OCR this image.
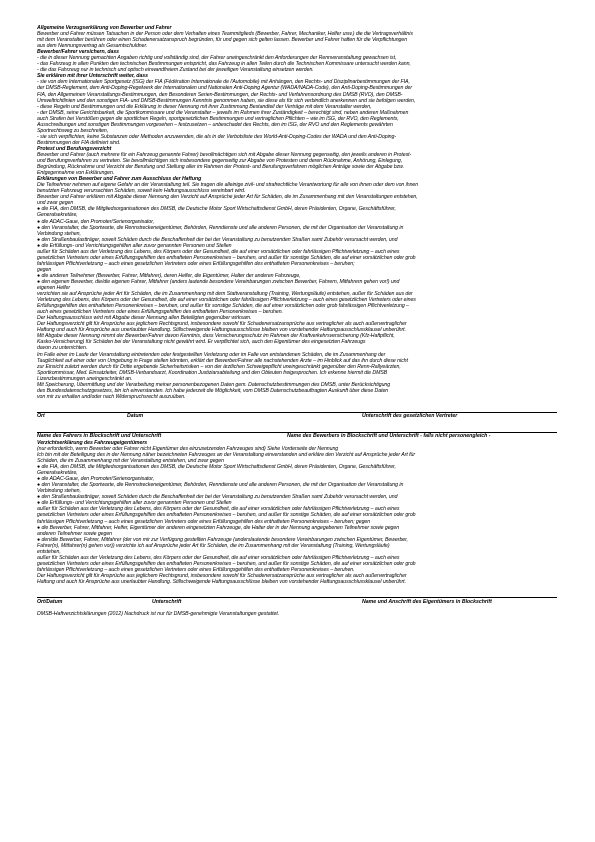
Allgemeine Verzugserklärung von Bewerber und Fahrer
Bewerber und Fahrer müssen Tatsachen in der Person oder dem Verhalten eines Teammitglieds (Bewerber, Fahrer, Mechaniker, Helfer usw.) die die Vertragsverhältnis
mit dem Veranstalter berühren oder einen Schadenersatzanspruch begründen, für und gegen sich gelten lassen. Bewerber und Fahrer haften für die Verpflichtungen
aus dem Nennungsvertrag als Gesamtschuldner.
Bewerber/Fahrer versichern, dass
- die in dieser Nennung gemachten Angaben richtig und vollständig sind, der Fahrer uneingeschränkt den Anforderungen der Rennveranstaltung gewachsen ist,
- das Fahrzeug in allen Punkten den technischen Bestimmungen entspricht, das Fahrzeug in allen Teilen durch die Technischen Kommissare untersucht werden kann,
- die das Fahrzeug nur in technisch und optisch einwandfreiem Zustand bei der jeweiligen Veranstaltung einsetzen werden.
Sie erklären mit ihrer Unterschrift weiter, dass
- sie von dem Internationalen Sportgesetz (ISG) der FIA (Fédération Internationale de l'Automobile) mit Anhängen, den Rechts- und Disziplinarbestimmungen der FIA,
der DMSB-Reglement, dem Anti-Doping-Regelwerk der Internationalen und Nationalen Anti-Doping Agentur (WADA/NADA-Code), den Anti-Doping-Bestimmungen der
FIA, den Allgemeinen Veranstaltungs-Bestimmungen, den Besonderen Serien-Bestimmungen, der Rechts- und Verfahrensordnung des DMSB (RVO), den DMSB-
Umweltrichtlinien und den sonstigen FIA- und DMSB-Bestimmungen Kenntnis genommen haben, sie diese als für sich verbindlich anerkennen und sie befolgen werden,
- diese Regeln und Bestimmungen und die Erklärung in dieser Nennung mit ihrer Zustimmung Bestandteil der Verträge mit dem Veranstalter werden,
- der DMSB, seine Gerichtsbarkeit, die Sportkommissare und die Veranstalter – jeweils im Rahmen ihrer Zuständigkeit – berechtigt sind, neben anderen Maßnahmen
auch Strafen bei Verstößen gegen die sportlichen Regeln, sportgesetzlichen Bestimmungen und vertraglichen Pflichten – wie im ISG, der RVO, den Reglements,
Ausschreibungen und sonstigen Bestimmungen vorgesehen – festzusetzen – unbeschadet des Rechts, den im ISG, der RVO und den Reglements gewährten
Sportrechtsweg zu beschreiten,
- sie sich verpflichten, keine Substanzen oder Methoden anzuwenden, die als in der Verbotsliste des World-Anti-Doping-Codes der WADA und den Anti-Doping-
Bestimmungen der FIA definiert sind.
Protest und Berufungsverzicht
Bewerber und Fahrer (auch mehrere für ein Fahrzeug genannte Fahrer) bevollmächtigen sich mit Abgabe dieser Nennung gegenseitig, den jeweils anderen in Protest-
und Berufungsverfahren zu vertreten. Sie bevollmächtigen sich insbesondere gegenseitig zur Abgabe von Protesten und deren Rücknahme, Anhörung, Einlegung,
Begründung, Rücknahme und Verzicht der Berufung und Stellung aller im Rahmen der Protest- und Berufungsverfahren möglichen Anträge sowie der Abgabe bzw.
Entgegennahme von Erklärungen.
Erklärungen von Bewerber und Fahrer zum Ausschluss der Haftung
Die Teilnehmer nehmen auf eigene Gefahr an der Veranstaltung teil. Sie tragen die alleinige zivil- und strafrechtliche Verantwortung für alle von ihnen oder dem von ihnen
benutzten Fahrzeug verursachten Schäden, soweit kein Haftungsausschluss vereinbart wird.
Bewerber und Fahrer erklären mit Abgabe dieser Nennung den Verzicht auf Ansprüche jeder Art für Schäden, die im Zusammenhang mit den Veranstaltungen entstehen,
und zwar gegen
● die FIA, den DMSB, die Mitgliedsorganisationen des DMSB, die Deutsche Motor Sport Wirtschaftsdienst GmbH, deren Präsidenten, Organe, Geschäftsführer,
Generalsekretäre,
● die ADAC-Gaue, den Promoter/Serienorganisator,
● den Veranstalter, die Sportwarte, die Rennstreckeneigentümer, Behörden, Renndienste und alle anderen Personen, die mit der Organisation der Veranstaltung in
Verbindung stehen,
● den Straßenbaulastträger, soweit Schäden durch die Beschaffenheit der bei der Veranstaltung zu benutzenden Straßen samt Zubehör verursacht werden, und
● die Erfüllungs- und Verrichtungsgehilfen aller zuvor genannten Personen und Stellen
außer für Schäden aus der Verletzung des Lebens, des Körpers oder der Gesundheit, die auf einer vorsätzlichen oder fahrlässigen Pflichtverletzung – auch eines
gesetzlichen Vertreters oder eines Erfüllungsgehilfen des enthafteten Personenkreises – beruhen, und außer für sonstige Schäden, die auf einer vorsätzlichen oder grob
fahrlässigen Pflichtverletzung – auch eines gesetzlichen Vertreters oder eines Erfüllungsgehilfen des enthafteten Personenkreises – beruhen;
gegen
● die anderen Teilnehmer (Bewerber, Fahrer, Mitfahrer), deren Helfer, die Eigentümer, Halter der anderen Fahrzeuge,
● den eigenen Bewerber, die/die eigenen Fahrer, Mitfahrer (anders lautende besondere Vereinbarungen zwischen Bewerber, Fahrern, Mitfahrern gehen vor!) und
eigenen Helfer
verzichten sie auf Ansprüche jeder Art für Schäden, die im Zusammenhang mit dem Stattveranstaltung (Training, Wertungsläufe) entstehen, außer für Schäden aus der
Verletzung des Lebens, des Körpers oder der Gesundheit, die auf einer vorsätzlichen oder fahrlässigen Pflichtverletzung – auch eines gesetzlichen Vertreters oder eines
Erfüllungsgehilfen des enthafteten Personenkreises – beruhen, und außer für sonstige Schäden, die auf einer vorsätzlichen oder grob fahrlässigen Pflichtverletzung –
auch eines gesetzlichen Vertreters oder eines Erfüllungsgehilfen des enthafteten Personenkreises – beruhen.
Der Haftungsausschluss wird mit Abgabe dieser Nennung allen Beteiligten gegenüber wirksam.
Der Haftungsverzicht gilt für Ansprüche aus jeglichem Rechtsgrund, insbesondere sowohl für Schadenersatzansprüche aus vertraglicher als auch außervertraglicher
Haftung und auch für Ansprüche aus unerlaubter Handlung. Stillschweigende Haftungsausschlüsse bleiben von vorstehender Haftungsausschlussklausel unberührt.
Mit Abgabe dieser Nennung nimmt der Bewerber/Fahrer davon Kenntnis, dass Versicherungsschutz im Rahmen der Kraftverkehrsversicherung (Kfz-Haftpflicht,
Kasko-Versicherung) für Schäden bei der Veranstaltung nicht gewährt wird. Er verpflichtet sich, auch den Eigentümer des eingesetzten Fahrzeugs
davon zu unterrichten.
Im Falle einer im Laufe der Veranstaltung eintretenden oder festgestellten Verletzung oder im Falle von entstandenen Schäden, die im Zusammenhang der
Tauglichkeit auf einer oder von Umgebung in Frage stellen könnten, erklärt der Bewerber/Fahrer alle nachstehenden Ärzte – im Hinblick auf das ihn durch diese nicht
zur Einsicht zuletzt werden durch für Dritte ergebende Sicherheitsrisiken – von der ärztlichen Schweigepflicht uneingeschränkt gegenüber den Renn-Rallyeärzten,
Sportkommissar, Med. Einsatzleiter, DMSB-Verbandsarzt, Koordination Justiziarsabteilung und den Obleuten freigesprochen. Ich erkenne hiermit die DMSB
Lizenzbestimmungen uneingeschränkt an.
Mit Speicherung, Übermittlung und der Verarbeitung meiner personenbezogenen Daten gem. Datenschutzbestimmungen des DMSB, unter Berücksichtigung
des Bundesdatenschutzgesetzes, bin ich einverstanden. Ich habe jederzeit die Möglichkeit, vom DMSB Datenschutzbeauftragten Auskunft über diese Daten
von mir zu erhalten und/oder nach Widerspruchsrecht auszuüben.
Ort	Datum	Unterschrift des gesetzlichen Vertreter
Name des Fahrers in Blockschrift und Unterschrift	Name des Bewerbers in Blockschrift und Unterschrift - falls nicht personengleich -
Verzichtserklärung des Fahrzeugeigentümers
(nur erforderlich, wenn Bewerber oder Fahrer nicht Eigentümer des einzusetzenden Fahrzeuges sind) Siehe Vorderseite der Nennung
Ich bin mit der Beteiligung des in der Nennung näher bezeichneten Fahrzeuges an der Veranstaltung einverstanden und erkläre den Verzicht auf Ansprüche jeder Art für
Schäden, die im Zusammenhang mit der Veranstaltung entstehen, und zwar gegen
● die FIA, den DMSB, die Mitgliedsorganisationen des DMSB, die Deutsche Motor Sport Wirtschaftsdienst GmbH, deren Präsidenten, Organe, Geschäftsführer,
Generalsekretäre,
● die ADAC-Gaue, den Promoter/Serienorganisator,
● den Veranstalter, die Sportwarte, die Rennstreckeneigentümer, Behörden, Renndienste und alle anderen Personen, die mit der Organisation der Veranstaltung in
Verbindung stehen,
● den Straßenbaulastträger, soweit Schäden durch die Beschaffenheit der bei der Veranstaltung zu benutzenden Straßen samt Zubehör verursacht werden, und
● die Erfüllungs- und Verrichtungsgehilfen aller zuvor genannten Personen und Stellen
außer für Schäden aus der Verletzung des Lebens, des Körpers oder der Gesundheit, die auf einer vorsätzlichen oder fahrlässigen Pflichtverletzung – auch eines
gesetzlichen Vertreters oder eines Erfüllungsgehilfen des enthafteten Personenkreises – beruhen, und außer für sonstige Schäden, die auf einer vorsätzlichen oder grob
fahrlässigen Pflichtverletzung – auch eines gesetzlichen Vertreters oder eines Erfüllungsgehilfen des enthafteten Personenkreises – beruhen; gegen
● die Bewerber, Fahrer, Mitfahrer, Helfer, Eigentümer der anderen eingesetzten Fahrzeuge, die Halter der in der Nennung angegebenen Teilnehmer sowie gegen
anderen Teilnehmer sowie gegen
● den/die Bewerber, Fahrer, Mitfahrer (der von mir zur Verfügung gestellten Fahrzeuge (anderslautende besondere Vereinbarungen zwischen Eigentümer, Bewerber,
Fahrer(n), Mitfahrer(n) gehen vor)) verzichte ich auf Ansprüche jeder Art für Schäden, die im Zusammenhang mit der Veranstaltung (Training, Wertungsläufe)
entstehen,
außer für Schäden aus der Verletzung des Lebens, des Körpers oder der Gesundheit, die auf einer vorsätzlichen oder fahrlässigen Pflichtverletzung – auch eines
gesetzlichen Vertreters oder eines Erfüllungsgehilfen des enthafteten Personenkreises – beruhen, und außer für sonstige Schäden, die auf einer vorsätzlichen oder grob
fahrlässigen Pflichtverletzung – auch eines gesetzlichen Vertreters oder eines Erfüllungsgehilfen des enthafteten Personenkreises – beruhen.
Der Haftungsverzicht gilt für Ansprüche aus jeglichem Rechtsgrund, insbesondere sowohl für Schadenersatzansprüche aus vertraglicher als auch außervertraglicher
Haftung und auch für Ansprüche aus unerlaubter Handlung. Stillschweigende Haftungsausschlüsse bleiben von vorstehender Haftungsausschlussklausel unberührt.
Ort/Datum	Unterschrift	Name und Anschrift des Eigentümers in Blockschrift
DMSB-Haftverzichtsklärungen (2012) Nachdruck ist nur für DMSB-genehmigte Veranstaltungen gestattet.
